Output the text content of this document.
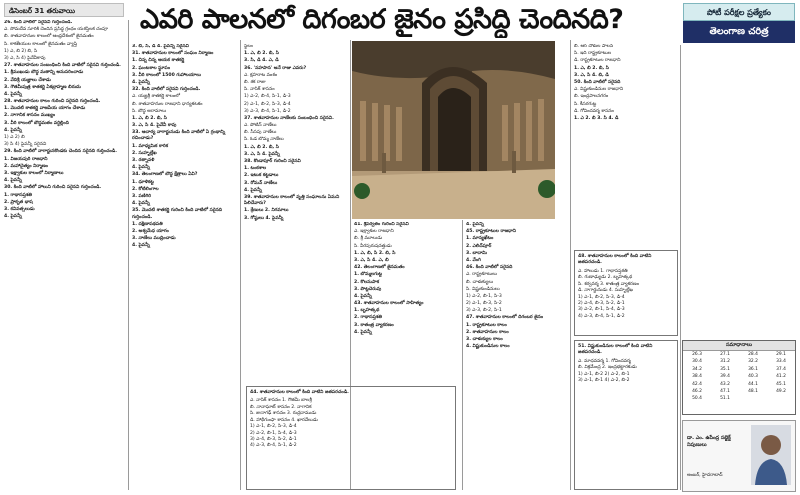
డిసెంబర్ 31 తరువాయి	ఎవరి పాలనలో దిగంబర జైనం ప్రసిద్ధి చెందినది?	పోటీ పరీక్షల ప్రత్యేకం
తెలంగాణ చరిత్ర

26. కింది వాటిలో సరైనవి గుర్తించండి.

ఎ. సోమదేవ సూరికి చెందిన ప్రసిద్ధ గ్రంథం యశస్తిలక చంపూ

బి. శాతవాహనుల కాలంలో ఆంధ్రదేశంలో జైనమతం

సి. కాకతీయుల కాలంలో జైనమతం వ్యాప్తి

1) ఎ, బి 2) బి, సి

3) ఎ, సి 4) పైవేవీకావు

27. శాతవాహనుల సంబంధించి కింది వాటిలో సరైనవి గుర్తించండి.

1. శ్రీముఖుడు బౌద్ధ మతాన్ని అనుసరించాడు

2. వేదిశ్రీ యజ్ఞాలు చేశాడు

3. గౌతమీపుత్ర శాతకర్ణి ఏకబ్రాహ్మణ బిరుదు

4. పైవన్నీ

28. శాతవాహనుల కాలం గురించి సరైనది గుర్తించండి.

1. మొదటి శాతకర్ణి వాజపేయ యాగం చేశాడు

2. నాగానిక శాసనం ముఖ్యం

3. వీరి కాలంలో బౌద్ధమతం వర్ధిల్లింది

4. పైవన్నీ

1) ఎ 2) బి

3) సి 4) పైవన్నీ సరైనవి

29. కింది వాటిలో నాగార్జునకొండకు చెందిన సరైనది గుర్తించండి.

1. విజయపురి రాజధాని

2. మహాచైత్యం నిర్మాణం

3. ఇక్ష్వాకుల కాలంలో నిర్మాణాలు

4. పైవన్నీ

30. కింది వాటిలో హాలుని గురించి సరైనవి గుర్తించండి.

1. గాథాసప్తశతి

2. ప్రాకృత భాష

3. కవివత్సలుడు

4. పైవన్నీ

3. బి, సి, డి 4. పైవన్నీ సరైనవి

31. శాతవాహనుల కాలంలో సంఘం నిర్మాణం

1. చిన్న చిన్న ఆయక శాతకర్ణి

2. ఘంటశాల స్థూపం

3. వీరి కాలంలో 1500 గుహాలయాలు

4. పైవన్నీ

32. కింది వాటిలో సరైనవి గుర్తించండి.

ఎ. యజ్ఞశ్రీ శాతకర్ణి కాలంలో

బి. శాతవాహనుల రాజధాని ధాన్యకటకం

సి. బౌద్ధ ఆరామాలు

1. ఎ, బి 2. బి, సి

3. ఎ, సి 4. పైవేవీ కావు

33. ఆచార్య నాగార్జునుడు కింది వాటిలో ఏ గ్రంథాన్ని రచించాడు?

1. మాధ్యమిక కారిక

2. సుహృల్లేఖ

3. రత్నావళి

4. పైవన్నీ

34. తెలంగాణలో బౌద్ధ క్షేత్రాలు ఏవి?

1. ధూళికట్ట

2. కోటిలింగాల

3. పణిగిరి

4. పైవన్నీ

35. మొదటి శాతకర్ణి గురించి కింది వాటిలో సరైనది గుర్తించండి.

1. దక్షిణాపథపతి

2. అశ్వమేధ యాగం

3. నాణేలు ముద్రించాడు

4. పైవన్నీ

స్థలం

1. ఎ, బి 2. బి, సి

3. సి, డి 4. ఎ, డి

36. 'నహపాన' అనే రాజు ఎవరు?

ఎ. క్షహరాట వంశం

బి. శక రాజు

సి. నాసిక్ శాసనం

1) ఎ-2, బి-4, సి-1, డి-3

2) ఎ-1, బి-2, సి-3, డి-4

3) ఎ-3, బి-4, సి-1, డి-2

37. శాతవాహనుల నాణేలకు సంబంధించి సరైనవి.

ఎ. పోటిన్ నాణేలు

బి. సీసపు నాణేలు

సి. ఓడ బొమ్మ నాణేలు

1. ఎ, బి 2. బి, సి

3. ఎ, సి 4. పైవన్నీ

38. కొండాపూర్ గురించి సరైనవి

1. టంకశాల

2. ఇటుక కట్టడాలు

3. రోమన్ నాణేలు

4. పైవన్నీ

39. శాతవాహనుల కాలంలో వృత్తి సంఘాలను ఏమని పిలిచేవారు?

1. శ్రేణులు 2. నిగమాలు

3. గోష్ఠులు 4. పైవన్నీ

41. శ్రీపర్వతం గురించి సరైనవి

ఎ. ఇక్ష్వాకుల రాజధాని

బి. శ్రీ మూలుడు

సి. వీరపురుషదత్తుడు

1. ఎ, బి, సి 2. బి, సి

3. ఎ, సి 4. ఎ, బి

42. తెలంగాణలో జైనమతం

1. బొమ్మలగుట్ట

2. కొలనుపాక

3. పొట్లచెరువు

4. పైవన్నీ

43. శాతవాహనుల కాలంలో సాహిత్యం

1. బృహత్కథ

2. గాథాసప్తశతి

3. కాతంత్ర వ్యాకరణం

4. పైవన్నీ

4. పైవన్నీ

45. రాష్ట్రకూటుల రాజధాని

1. మాన్యఖేటం

2. ఎలిచ్‌పూర్

3. బాదామి

4. వేంగి

46. కింది వాటిలో సరైనది

ఎ. రాష్ట్రకూటులు

బి. చాళుక్యులు

సి. విష్ణుకుండినులు

1) ఎ-2, బి-1, సి-3

2) ఎ-1, బి-3, సి-2

3) ఎ-3, బి-2, సి-1

47. శాతవాహనుల కాలంలో దిగంబర జైనం

1. రాష్ట్రకూటుల కాలం

2. శాతవాహనుల కాలం

3. చాళుక్యుల కాలం

4. విష్ణుకుండినుల కాలం

బి. ఆర్ చోళుల పాలన

సి. ఇది రాష్ట్రకూటుల

డి. రాష్ట్రకూటుల రాజధాని

1. ఎ, బి 2. బి, సి

3. ఎ, సి 4. బి, డి

50. కింది వాటిలో సరైనది

ఎ. విష్ణుకుండినుల రాజధాని

బి. ఇంద్రపాలనగరం

సి. కీసరగుట్ట

డి. గోవిందవర్మ శాసనం

1. ఎ 2. బి 3. సి 4. డి

48. శాతవాహనుల కాలంలో కింది వాటిని జతపరచండి.

ఎ. హాలుడు 1. గాథాసప్తశతి

బి. గుణాఢ్యుడు 2. బృహత్కథ

సి. శర్వవర్మ 3. కాతంత్ర వ్యాకరణం

డి. నాగార్జునుడు 4. సుహృల్లేఖ

1) ఎ-1, బి-2, సి-3, డి-4

2) ఎ-4, బి-3, సి-2, డి-1

3) ఎ-2, బి-1, సి-4, డి-3

4) ఎ-3, బి-4, సి-1, డి-2

44. శాతవాహనుల కాలంలో కింది వాటిని జతపరచండి.

ఎ. నాసిక్ శాసనం 1. గౌతమీ బాలశ్రీ

బి. నానాఘాట్ శాసనం 2. నాగానిక

సి. జునాగఢ్ శాసనం 3. రుద్రదాముడు

డి. హాథీగుంఫా శాసనం 4. ఖారవేలుడు

1) ఎ-1, బి-2, సి-3, డి-4

2) ఎ-2, బి-1, సి-4, డి-3

3) ఎ-4, బి-3, సి-2, డి-1

4) ఎ-3, బి-4, సి-1, డి-2

51. విష్ణుకుండినుల కాలంలో కింది వాటిని జతపరచండి.

ఎ. మాధవవర్మ 1. గోవిందవర్మ

బి. విక్రమేంద్ర 2. ఇంద్రభట్టారకుడు

1) ఎ-1, బి-2 2) ఎ-2, బి-1

3) ఎ-1, బి-1 4) ఎ-2, బి-2

సమాధానాలు
26.3	27.1	28.4	29.1
30.4	31.2	32.2	33.4
34.2	35.1	36.1	37.4
38.4	39.4	40.3	41.2
42.4	43.2	44.1	45.1
46.2	47.1	48.1	49.2
50.4	51.1		
డా. ఎం. ఉపేంద్ర సబ్జెక్ట్ నిపుణులు
అంబర్, హైదరాబాద్
